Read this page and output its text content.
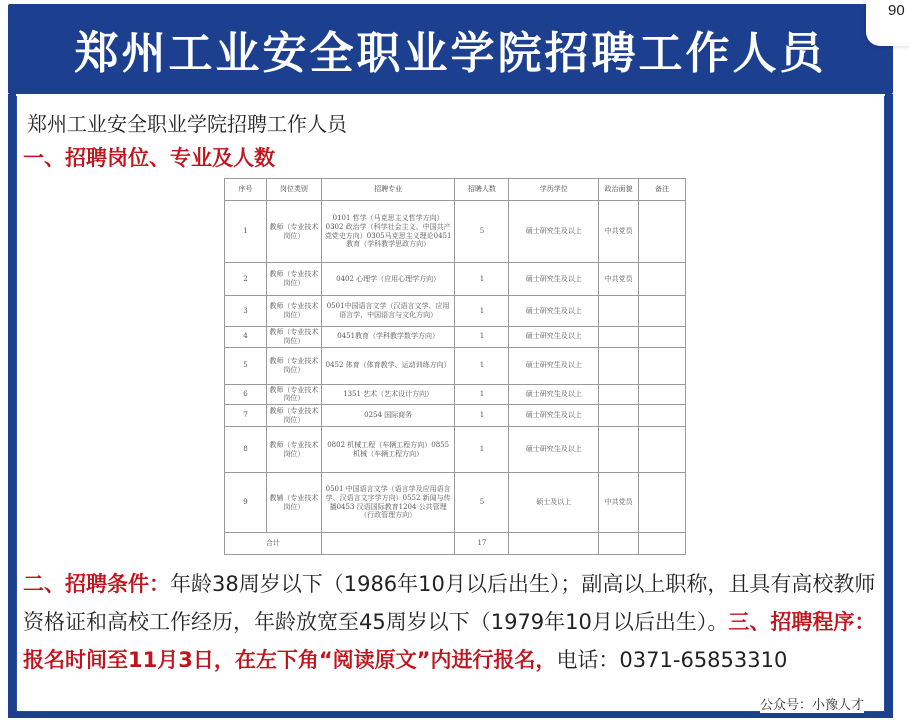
郑州工业安全职业学院招聘工作人员
90
郑州工业安全职业学院招聘工作人员
一、招聘岗位、专业及人数
序号	岗位类别	招聘专业	招聘人数	学历学位	政治面貌	备注
1	教师（专业技术岗位）	0101 哲学（马克思主义哲学方向）0302 政治学（科学社会主义、中国共产党党史方向）0305马克思主义理论0451教育（学科教学思政方向）	5	硕士研究生及以上	中共党员	
2	教师（专业技术岗位）	0402 心理学（应用心理学方向）	1	硕士研究生及以上	中共党员	
3	教师（专业技术岗位）	0501中国语言文学（汉语言文学、应用语言学、中国语言与文化方向）	1	硕士研究生及以上		
4	教师（专业技术岗位）	0451教育（学科教学数学方向）	1	硕士研究生及以上		
5	教师（专业技术岗位）	0452 体育（体育教学、运动训练方向）	1	硕士研究生及以上		
6	教师（专业技术岗位）	1351 艺术（艺术设计方向）	1	硕士研究生及以上		
7	教师（专业技术岗位）	0254 国际商务	1	硕士研究生及以上		
8	教师（专业技术岗位）	0802 机械工程（车辆工程方向）0855机械（车辆工程方向）	1	硕士研究生及以上		
9	教辅（专业技术岗位）	0501 中国语言文学（语言学及应用语言学、汉语言文字学方向）0552 新闻与传播0453 汉语国际教育1204 公共管理（行政管理方向）	5	硕士及以上	中共党员	
合计			17			
二、招聘条件：年龄38周岁以下（1986年10月以后出生）；副高以上职称，且具有高校教师资格证和高校工作经历，年龄放宽至45周岁以下（1979年10月以后出生）。三、招聘程序：报名时间至11月3日，在左下角“阅读原文”内进行报名，电话：0371-65853310
公众号：小豫人才
